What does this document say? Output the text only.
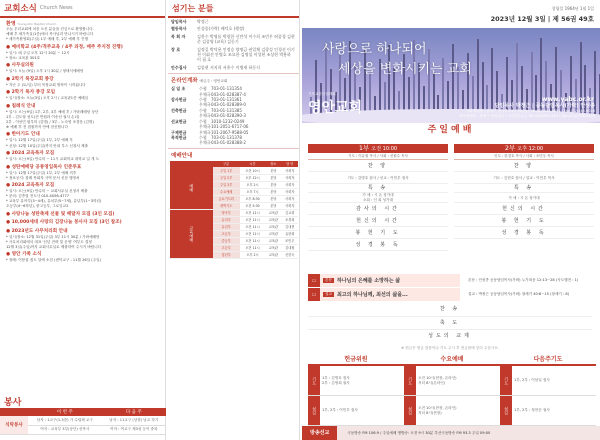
교회소식 Church News
환영 Young-Ahn Baptist Church
오늘 우리교회에 처음 오신 분들을 진심으로 환영합니다.
예배 후 새가족실(1층)에서 목사님과 만나시기 바랍니다
* 새가족환영회(주일) 1부 예배 후, 2부 예배 후 진행
● 예비학교 (4주/격주교육 / 4주 과정, 매주 주지정 진행)
* 일시: 매 주일 오후 12시 20분 ~ 12시
* 장소: 교육관 301호
● 사무실의원
* 일시: 오늘 (9일) 오후 1시 30분 / 형태식에배당
● 2학기 목장교회 종강
* 지난 주 (토/일) 부터 목장교회 방학이 시작됩니다
● 2학기 목자 종강 모임
* 일시/장소: 오늘(3일) 오후 2시 / 교육관1층 예배실
● 침례식 안내
* 일시: 오는(9일) 1부, 2부, 3부 예배 후 / 가락례배당 상단
1부 - 김도형 성도(전 반원과 이송선 권사 손녀)
2부 - 이선민 원우미 (김명) / 3부 - 노숙영 조경음 (김명)
※ 예배 후 전 집원까지 안에 친신합니다
● 한아기도 안내
* 일시: 12월 17일(주일) 1부, 2부 예배 후
* 신청: 12월 10일(주일)까지 안내 부스 신청서 제출
● 2024 교육목자 모집
* 일시: 오는(9일) 안수미 ~ 11시 교회학교 대학교 일 개 도
● 성탄예배당 공통영입목사 인준투표
* 일시: 12월 17일(주일) 1부, 2부 예배 직후
* 정보공지: 침례 목회자 사역 문서 신문 행정처
● 2024 교육목자 모집
* 일시: 오는(9일) 안수미 ~ 교회사무실 신청서 제출
* 문의: 김종열 전도사 010-4056-4777
* 교육부 유아부(3~4세), 유치부(5~7세), 유년부(1~3학년)
초등부(4~6학년), 중고등부, 그로잉교2
● 사랑나눔 성탄축제 선물 및 배달자 모집 (3인 모집)
● 10,000세대 사랑의 김장나눔 봉사자 모집 (3인 참조)
● 2023년도 사무처리회 안내
* 일시/장소: 12월 31일(주일) 3부 11시 30분 / 가락예배당
* 사무처리회에서 대표 '신년 전략 및 운영' 여부도 결정
12월 3일(주일)까지 교회사무실로 제출하여 주시기 바랍니다
● 영안 가족 소식
* 장례: 이봉섭 집도 달에 소천 (변덕교구 - 11월 26일 (주일)
봉사
	이 번 주	다 음 주
식탁봉사	남자 : 1교구(1-3층) 가 수렵채 교구	남자 : 11교구 (상향) 남교 하기
	여자 : 교육부 3부(상단) 선목사	여자 : 여교구 제3성 등이 중복
섬기는 분들
담임목사	박정근
협동목사	안성종(가락) 배덕호 (행정)
목 회 자	김찬수 박영롭 박광한 신만석 이수희 조민우 허종경 김현준 김종영 (교육) 김동기
장 로	김정길 박덕용 인정승 양명금 권일채 김창성 인경선 이기천 이휘선 안병호 조요한 김명섭 이성현 조상현 박용하 이 필 호
안수집사	김종현 서지희 서흥수 이병재 하동식
온라인계좌 예금주 : 영안교회
십 일 조	수협	703-01-131354
우체국 043-01-028387-4
감사헌금	수협	703-01-131361
우체국 043-01-028389-0
건축헌금	수협	703-01-131385
우체국 043-01-028390-3
선교헌금	수협	1010-1232-0249
우체국 101-2051-6717-06
구제헌금	우체국 101-2067-9588-05
목적헌금	수협	703-01-131378
우체국 043-01-028388-2
예배안내
	구분	시간	장소	담 당
예배	주일 1부	오전 10시	본당	사회자
	주일 2부	오후 12시	본당	사회자
	주일 3부	오후 2시	본당	사회자
	수요예배	오후 7시	본당	사회자
	금요기도회	오후 8:30	본당	사회자
	새벽기도	오전 5:30	본당	사회자
교육예배	영아부	오전 11시	교육관	김교회
	유치부	오전 11시	교육관	조경희
	유년부	오전 11시	교육관	김대현
	초등부	오전 11시	교육관	유한희
	중등부	오전 11시	교육관	조민우
	고등부	오전 11시	교육관	김대원
	청년부	오후 2시	교육관	신한숙
창립일 1964년 1월 1일
2023년 12월 3일 | 제 56권 49호
사랑으로 하나되어
세상을 변화시키는 교회
기독교한국침례회
영안교회
www.yabc.or.kr
담임목사 박정근 | 공동담임목사(가락) 안성종
가락예배당 : 송파구 송이로 51 (가락동) | Tel.(02)443-0691 | Fax.(02)443-9026
중랑예배당 : 중랑구 중랑천로 7 (면목본동) | Tel.(02)490-1181 | Fax.(02)2208-6405
주일예배
1부 오전 10:00
기도 : 이유원 목사 / 사회 : 신원수 목사
찬 양
기도 : 김명호 집사 / 선교 : 이민우 집사
특 송
가 애 : 시 온 성가대
오희 : 인 희 성가대
감사의 시간
헌신의 시간
봉 헌 기 도
성 경 봉 독
2부 오후 12:00
인도 : 한경호 목사 / 사회 : 조민우 목사
찬 양
기도 : 김현호 집사 / 설교 : 이민우 목사
특 송
가 애 : 시 온 성가대
헌신의 시간
봉 헌 기 도
성 경 봉 독
☐
☐
본문	하나님의 은혜를 소망하는 삶
설교	최고의 하나님께, 최선의 삶을...
본문 : 인성종 공동담임목사(가락) 누가복음 12:13~28 (사도행전 : 1)
설교 : 박정근 공동담임목사(가락) 창세기 40:8~15 (창세기 : 8)
찬 송
축 도
성도의 교제
※ 헌금은 헌금 말씀이나 기도 주시 후 헌금함에 넣어 주십시오.
헌금위원
기도	1부 : 김명호 집사
2부 : 김영희 권사
섬김	1부, 2부 : 이민우 집사
수요예배
기도	오전 10시(현장, 온라인)
저녁 8시(온라인)
섬김	오전 10시(현장, 온라인)
저녁 8시(현장)
다음주기도
기도	1부, 2부 : 이삼일 집사
섬김	1부, 2부 : 정찬순 권사
방송선교	극동방송 FM 106.9 / 주일예배 생방송: 오전 9시 30분 부산극동방송 FM 93.3 주일 09:00
